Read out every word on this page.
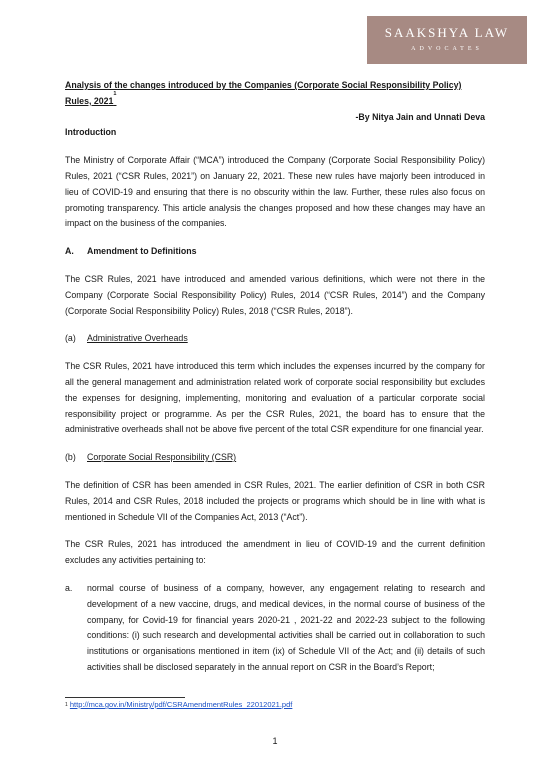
SAAKSHYA LAW
ADVOCATES
Analysis of the changes introduced by the Companies (Corporate Social Responsibility Policy) Rules, 2021$^1$
-By Nitya Jain and Unnati Deva
Introduction

The Ministry of Corporate Affair (“MCA”) introduced the Company (Corporate Social Responsibility Policy) Rules, 2021 (“CSR Rules, 2021”) on January 22, 2021. These new rules have majorly been introduced in lieu of COVID-19 and ensuring that there is no obscurity within the law. Further, these rules also focus on promoting transparency. This article analysis the changes proposed and how these changes may have an impact on the business of the companies.

A. Amendment to Definitions

The CSR Rules, 2021 have introduced and amended various definitions, which were not there in the Company (Corporate Social Responsibility Policy) Rules, 2014 (“CSR Rules, 2014”) and the Company (Corporate Social Responsibility Policy) Rules, 2018 (“CSR Rules, 2018”).

(a) Administrative Overheads

The CSR Rules, 2021 have introduced this term which includes the expenses incurred by the company for all the general management and administration related work of corporate social responsibility but excludes the expenses for designing, implementing, monitoring and evaluation of a particular corporate social responsibility project or programme. As per the CSR Rules, 2021, the board has to ensure that the administrative overheads shall not be above five percent of the total CSR expenditure for one financial year.

(b) Corporate Social Responsibility (CSR)

The definition of CSR has been amended in CSR Rules, 2021. The earlier definition of CSR in both CSR Rules, 2014 and CSR Rules, 2018 included the projects or programs which should be in line with what is mentioned in Schedule VII of the Companies Act, 2013 (“Act”).

The CSR Rules, 2021 has introduced the amendment in lieu of COVID-19 and the current definition excludes any activities pertaining to:

a.	normal course of business of a company, however, any engagement relating to research and development of a new vaccine, drugs, and medical devices, in the normal course of business of the company, for Covid-19 for financial years 2020-21 , 2021-22 and 2022-23 subject to the following conditions: (i) such research and developmental activities shall be carried out in collaboration to such institutions or organisations mentioned in item (ix) of Schedule VII of the Act; and (ii) details of such activities shall be disclosed separately in the annual report on CSR in the Board’s Report;
$^1$ http://mca.gov.in/Ministry/pdf/CSRAmendmentRules_22012021.pdf
1
